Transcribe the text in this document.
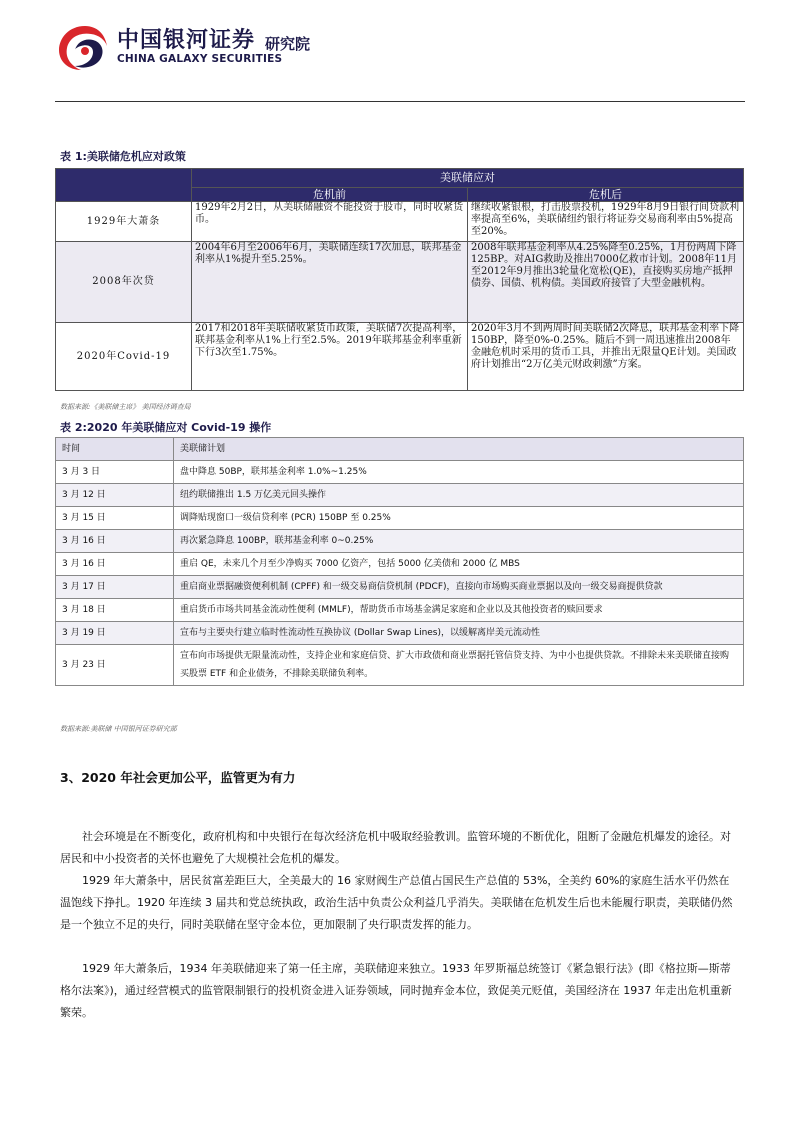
中国银河证券 研究院
CHINA GALAXY SECURITIES
表 1:美联储危机应对政策
	美联储应对	
	危机前	危机后
1929年大萧条	1929年2月2日，从美联储融资不能投资于股市，同时收紧货币。	继续收紧银根，打击股票投机，1929年8月9日银行间贷款利率提高至6%，美联储纽约银行将证券交易商利率由5%提高至20%。
2008年次贷	2004年6月至2006年6月，美联储连续17次加息，联邦基金利率从1%提升至5.25%。	2008年联邦基金利率从4.25%降至0.25%，1月份两周下降125BP。对AIG救助及推出7000亿救市计划。2008年11月至2012年9月推出3轮量化宽松(QE)，直接购买房地产抵押债券、国债、机构债。美国政府接管了大型金融机构。
2020年Covid-19	2017和2018年美联储收紧货币政策，美联储7次提高利率，联邦基金利率从1%上行至2.5%。2019年联邦基金利率重新下行3次至1.75%。	2020年3月不到两周时间美联储2次降息，联邦基金利率下降150BP，降至0%-0.25%。随后不到一周迅速推出2008年金融危机时采用的货币工具，并推出无限量QE计划。美国政府计划推出“2万亿美元财政刺激”方案。
数据来源:《美联储主席》 美国经济调查局
表 2:2020 年美联储应对 Covid-19 操作
时间	美联储计划
3 月 3 日	盘中降息 50BP，联邦基金利率 1.0%~1.25%
3 月 12 日	纽约联储推出 1.5 万亿美元回头操作
3 月 15 日	调降贴现窗口一级信贷利率 (PCR) 150BP 至 0.25%
3 月 16 日	再次紧急降息 100BP，联邦基金利率 0~0.25%
3 月 16 日	重启 QE，未来几个月至少净购买 7000 亿资产，包括 5000 亿美债和 2000 亿 MBS
3 月 17 日	重启商业票据融资便利机制 (CPFF) 和一级交易商信贷机制 (PDCF)，直接向市场购买商业票据以及向一级交易商提供贷款
3 月 18 日	重启货币市场共同基金流动性便利 (MMLF)，帮助货币市场基金满足家庭和企业以及其他投资者的赎回要求
3 月 19 日	宣布与主要央行建立临时性流动性互换协议 (Dollar Swap Lines)，以缓解离岸美元流动性
3 月 23 日	宣布向市场提供无限量流动性，支持企业和家庭信贷、扩大市政债和商业票据托管信贷支持、为中小也提供贷款。不排除未来美联储直接购买股票 ETF 和企业债务，不排除美联储负利率。
数据来源:美联储 中国银河证券研究部
3、2020 年社会更加公平，监管更为有力

社会环境是在不断变化，政府机构和中央银行在每次经济危机中吸取经验教训。监管环境的不断优化，阻断了金融危机爆发的途径。对居民和中小投资者的关怀也避免了大规模社会危机的爆发。

1929 年大萧条中，居民贫富差距巨大，全美最大的 16 家财阀生产总值占国民生产总值的 53%，全美约 60%的家庭生活水平仍然在温饱线下挣扎。1920 年连续 3 届共和党总统执政，政治生活中负责公众利益几乎消失。美联储在危机发生后也未能履行职责，美联储仍然是一个独立不足的央行，同时美联储在坚守金本位，更加限制了央行职责发挥的能力。

1929 年大萧条后，1934 年美联储迎来了第一任主席，美联储迎来独立。1933 年罗斯福总统签订《紧急银行法》(即《格拉斯—斯蒂格尔法案》)，通过经营模式的监管限制银行的投机资金进入证券领域，同时抛弃金本位，致促美元贬值，美国经济在 1937 年走出危机重新繁荣。
